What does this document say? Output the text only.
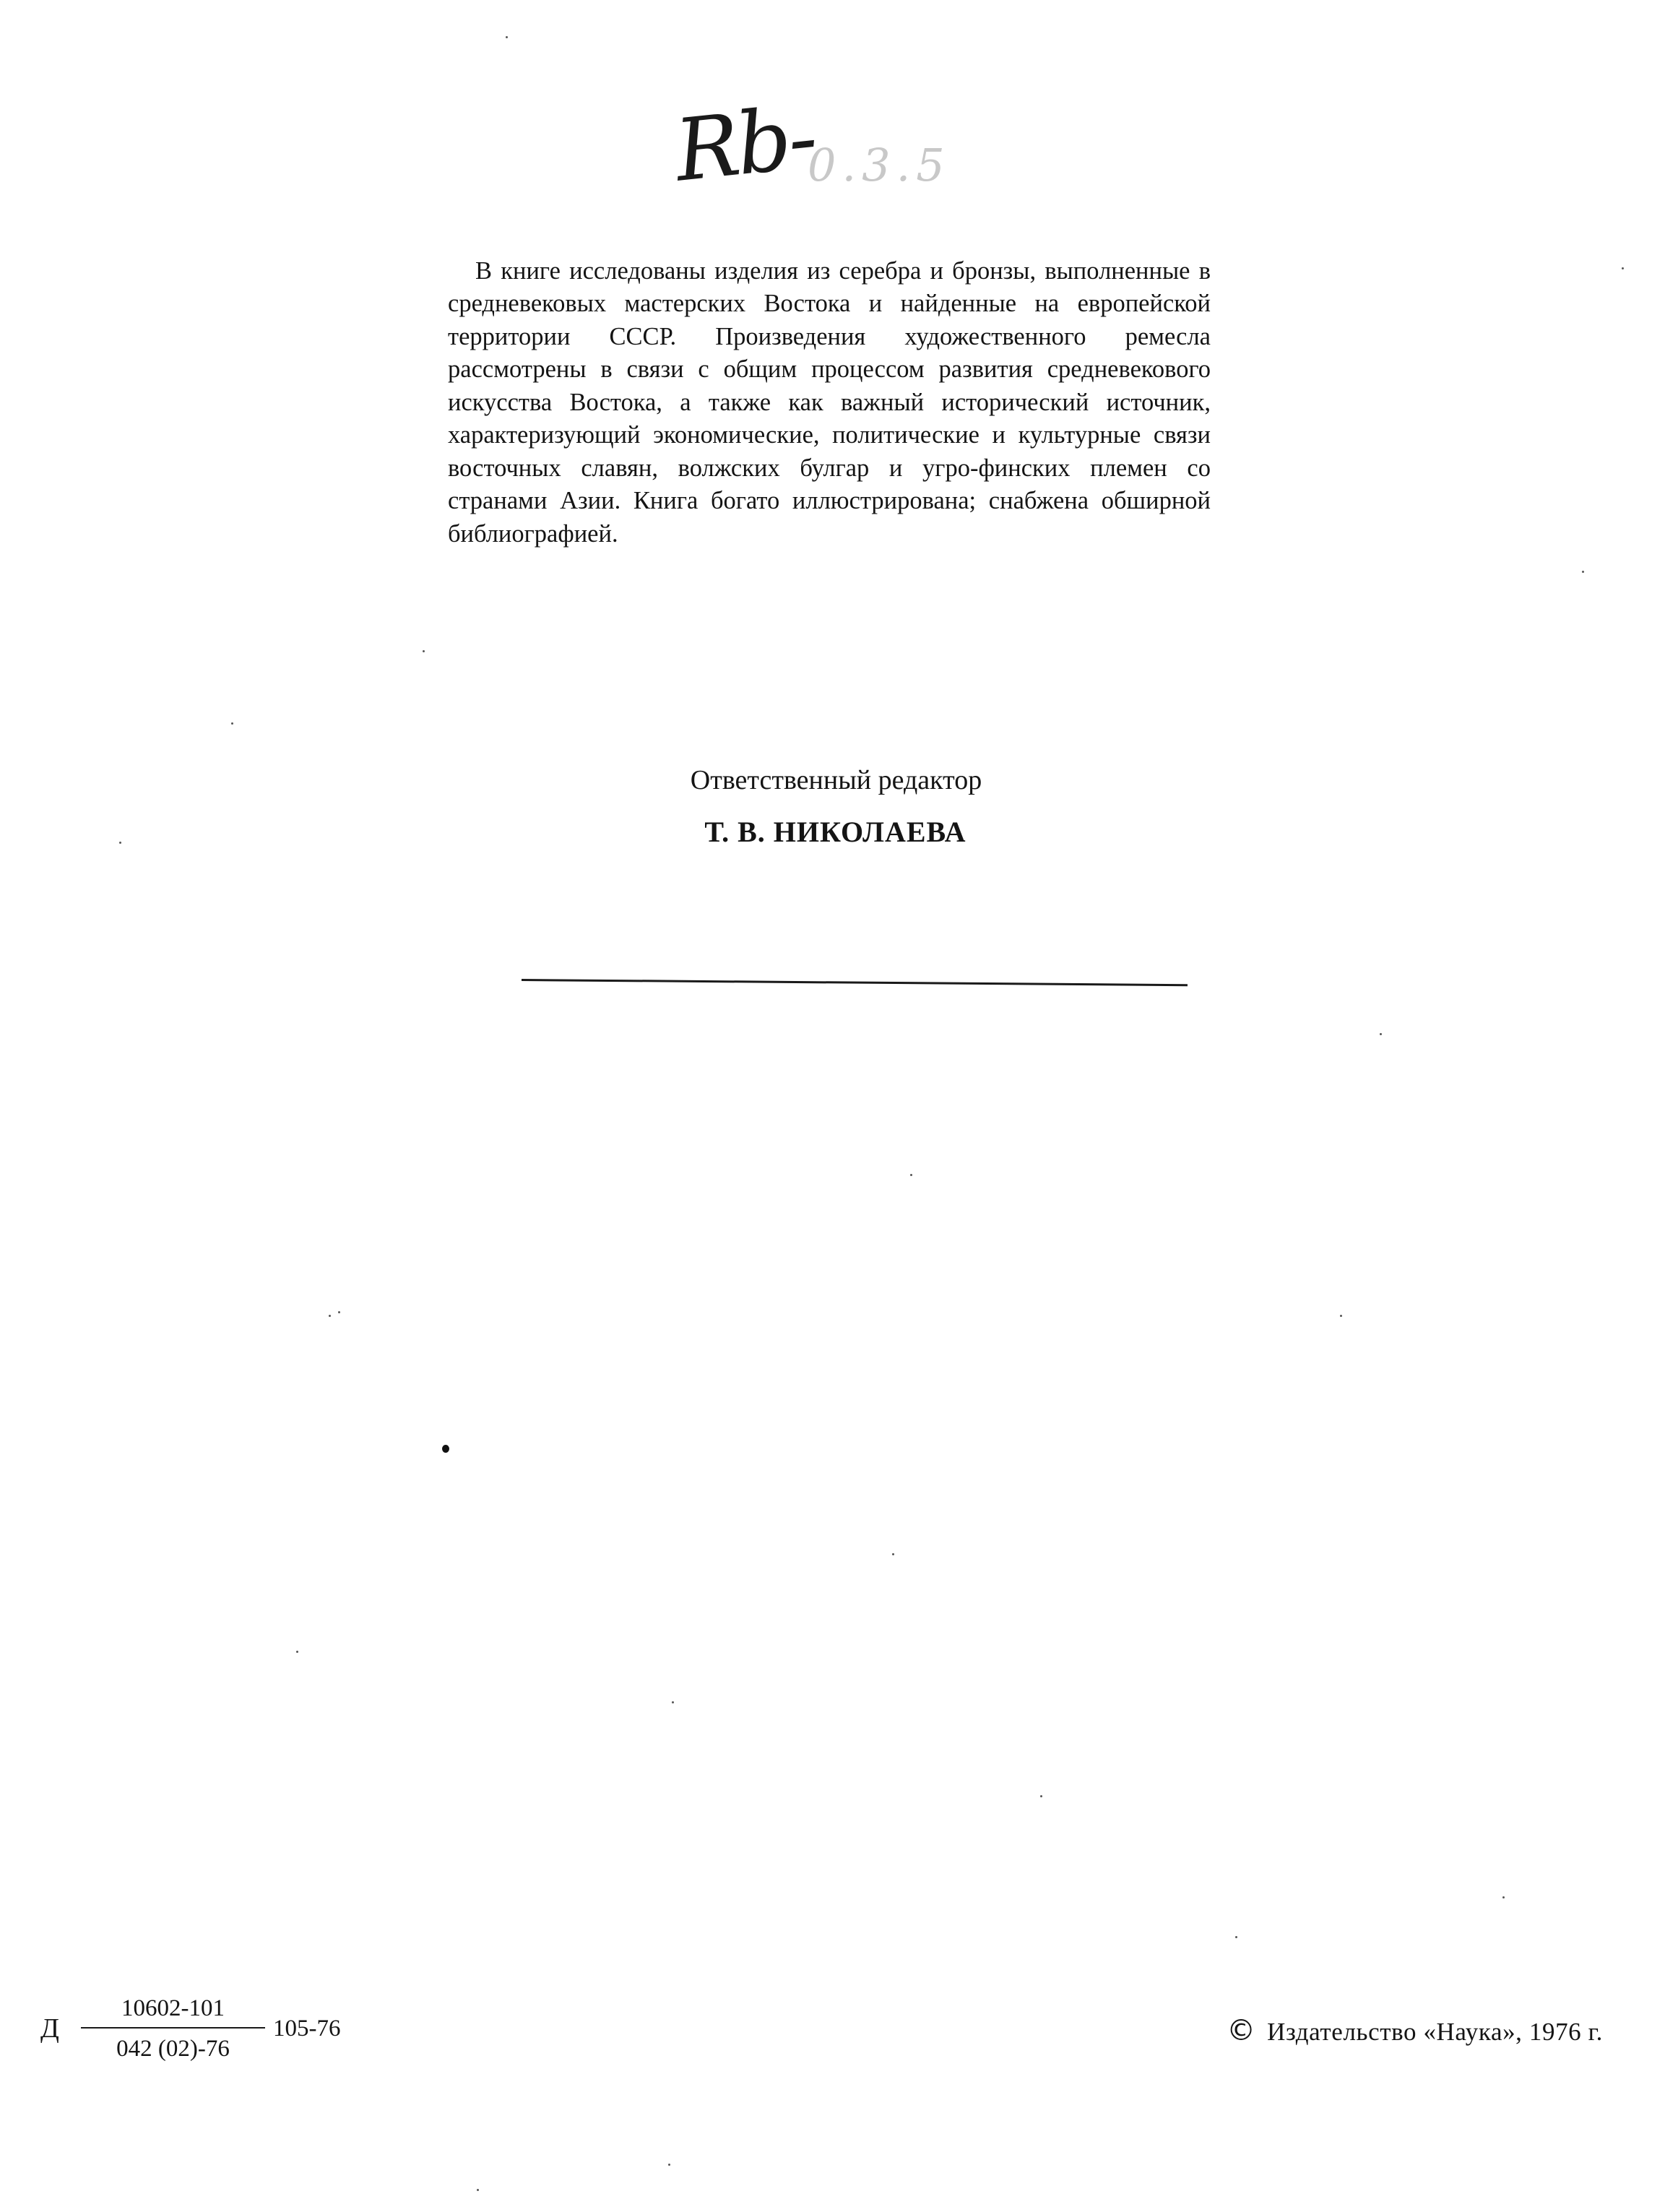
Rb-
0.3.5

В книге исследованы изделия из серебра и бронзы, выполненные в средневековых мастерских Востока и найденные на европейской территории СССР. Произведения художественного ремесла рассмотрены в связи с общим процессом развития средневекового искусства Востока, а также как важный исторический источник, характеризующий экономические, политические и культурные связи восточных славян, волжских булгар и угро-финских племен со странами Азии. Книга богато иллюстрирована; снабжена обширной библиографией.

Ответственный редактор
Т. В. НИКОЛАЕВА
Д $\frac{10602-101}{042 (02)-76} 105-76$	© Издательство «Наука», 1976 г.
